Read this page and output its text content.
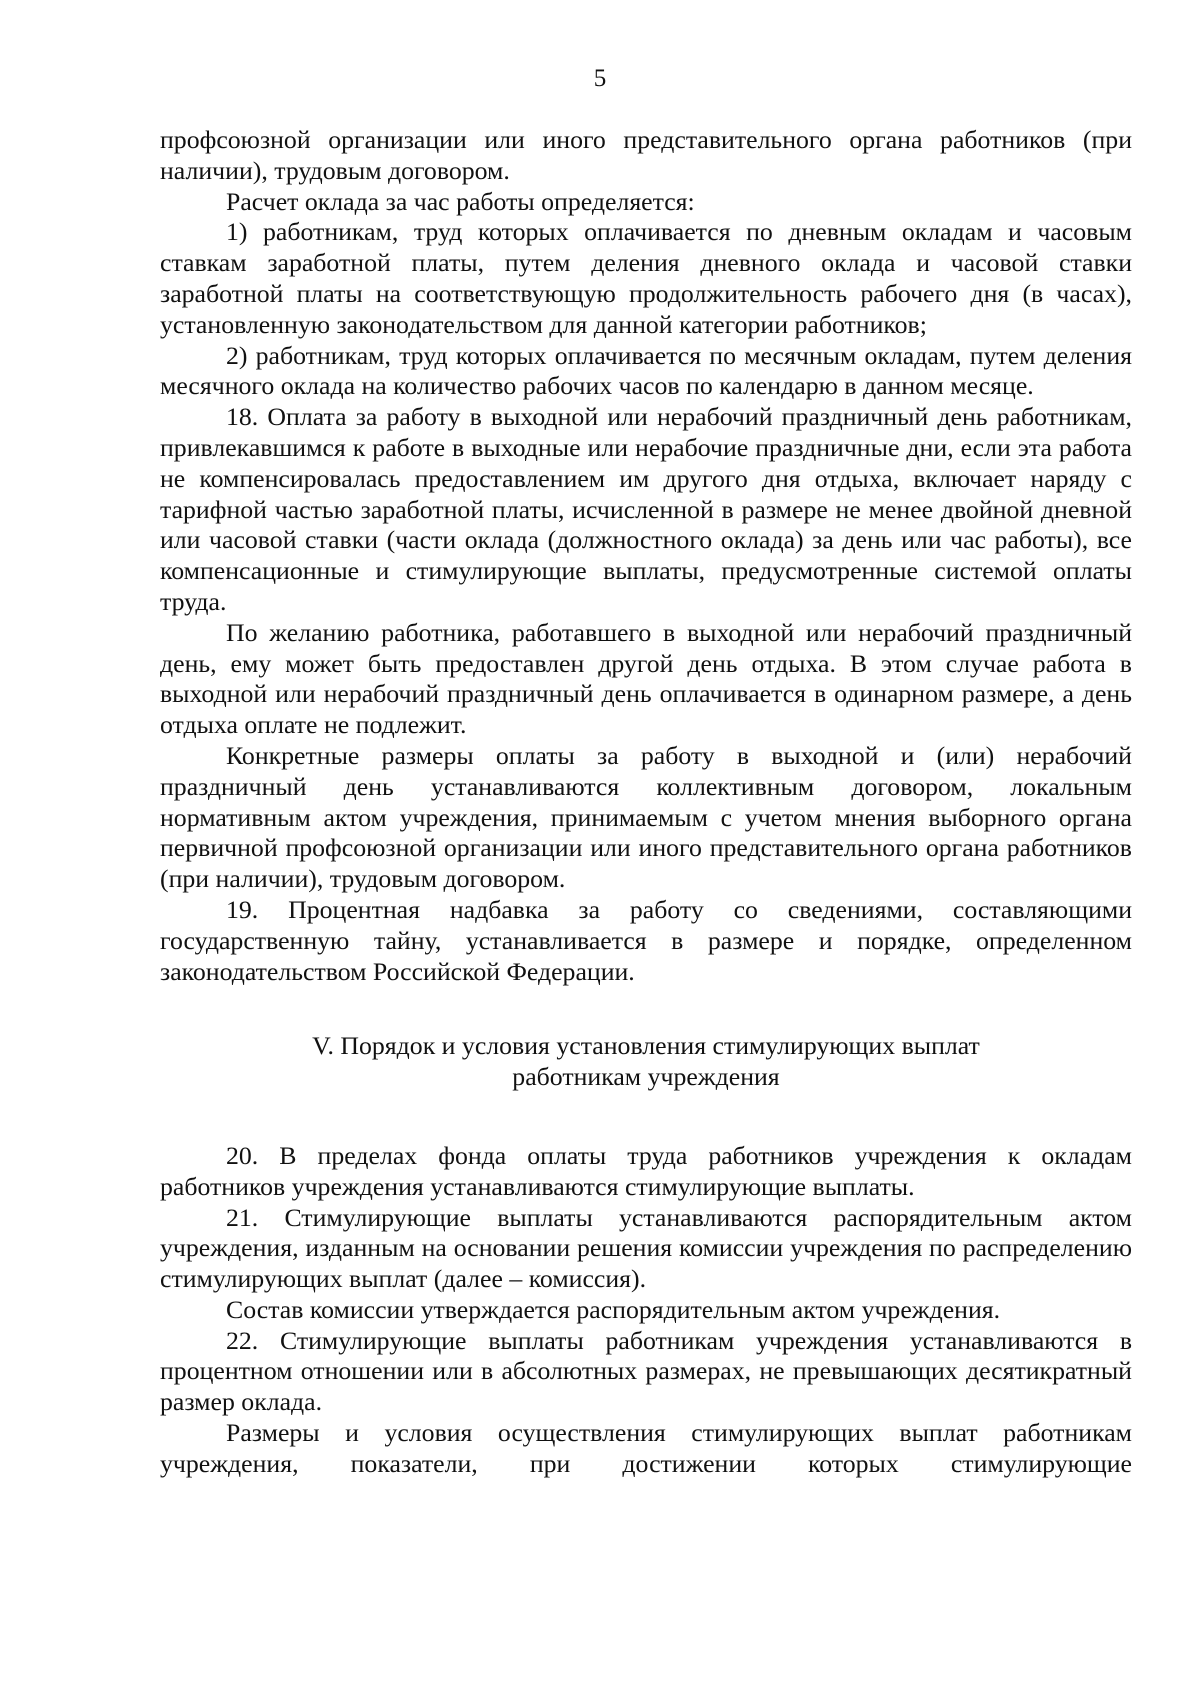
5

профсоюзной организации или иного представительного органа работников (при наличии), трудовым договором.

Расчет оклада за час работы определяется:

1) работникам, труд которых оплачивается по дневным окладам и часовым ставкам заработной платы, путем деления дневного оклада и часовой ставки заработной платы на соответствующую продолжительность рабочего дня (в часах), установленную законодательством для данной категории работников;

2) работникам, труд которых оплачивается по месячным окладам, путем деления месячного оклада на количество рабочих часов по календарю в данном месяце.

18. Оплата за работу в выходной или нерабочий праздничный день работникам, привлекавшимся к работе в выходные или нерабочие праздничные дни, если эта работа не компенсировалась предоставлением им другого дня отдыха, включает наряду с тарифной частью заработной платы, исчисленной в размере не менее двойной дневной или часовой ставки (части оклада (должностного оклада) за день или час работы), все компенсационные и стимулирующие выплаты, предусмотренные системой оплаты труда.

По желанию работника, работавшего в выходной или нерабочий праздничный день, ему может быть предоставлен другой день отдыха. В этом случае работа в выходной или нерабочий праздничный день оплачивается в одинарном размере, а день отдыха оплате не подлежит.

Конкретные размеры оплаты за работу в выходной и (или) нерабочий праздничный день устанавливаются коллективным договором, локальным нормативным актом учреждения, принимаемым с учетом мнения выборного органа первичной профсоюзной организации или иного представительного органа работников (при наличии), трудовым договором.

19. Процентная надбавка за работу со сведениями, составляющими государственную тайну, устанавливается в размере и порядке, определенном законодательством Российской Федерации.

V. Порядок и условия установления стимулирующих выплат
работникам учреждения

20. В пределах фонда оплаты труда работников учреждения к окладам работников учреждения устанавливаются стимулирующие выплаты.

21. Стимулирующие выплаты устанавливаются распорядительным актом учреждения, изданным на основании решения комиссии учреждения по распределению стимулирующих выплат (далее – комиссия).

Состав комиссии утверждается распорядительным актом учреждения.

22. Стимулирующие выплаты работникам учреждения устанавливаются в процентном отношении или в абсолютных размерах, не превышающих десятикратный размер оклада.

Размеры и условия осуществления стимулирующих выплат работникам учреждения, показатели, при достижении которых стимулирующие
